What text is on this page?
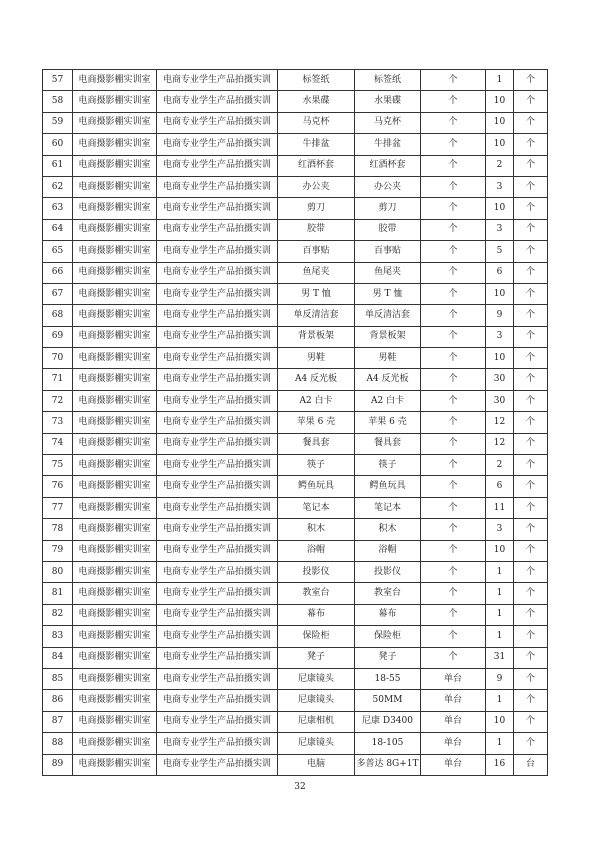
57	电商摄影棚实训室	电商专业学生产品拍摄实训	标签纸	标签纸	个	1	个
58	电商摄影棚实训室	电商专业学生产品拍摄实训	水果碟	水果碟	个	10	个
59	电商摄影棚实训室	电商专业学生产品拍摄实训	马克杯	马克杯	个	10	个
60	电商摄影棚实训室	电商专业学生产品拍摄实训	牛排盆	牛排盆	个	10	个
61	电商摄影棚实训室	电商专业学生产品拍摄实训	红酒杯套	红酒杯套	个	2	个
62	电商摄影棚实训室	电商专业学生产品拍摄实训	办公夹	办公夹	个	3	个
63	电商摄影棚实训室	电商专业学生产品拍摄实训	剪刀	剪刀	个	10	个
64	电商摄影棚实训室	电商专业学生产品拍摄实训	胶带	胶带	个	3	个
65	电商摄影棚实训室	电商专业学生产品拍摄实训	百事贴	百事贴	个	5	个
66	电商摄影棚实训室	电商专业学生产品拍摄实训	鱼尾夹	鱼尾夹	个	6	个
67	电商摄影棚实训室	电商专业学生产品拍摄实训	男 T 恤	男 T 恤	个	10	个
68	电商摄影棚实训室	电商专业学生产品拍摄实训	单反清洁套	单反清洁套	个	9	个
69	电商摄影棚实训室	电商专业学生产品拍摄实训	背景板架	背景板架	个	3	个
70	电商摄影棚实训室	电商专业学生产品拍摄实训	男鞋	男鞋	个	10	个
71	电商摄影棚实训室	电商专业学生产品拍摄实训	A4 反光板	A4 反光板	个	30	个
72	电商摄影棚实训室	电商专业学生产品拍摄实训	A2 白卡	A2 白卡	个	30	个
73	电商摄影棚实训室	电商专业学生产品拍摄实训	苹果 6 壳	苹果 6 壳	个	12	个
74	电商摄影棚实训室	电商专业学生产品拍摄实训	餐具套	餐具套	个	12	个
75	电商摄影棚实训室	电商专业学生产品拍摄实训	筷子	筷子	个	2	个
76	电商摄影棚实训室	电商专业学生产品拍摄实训	鳄鱼玩具	鳄鱼玩具	个	6	个
77	电商摄影棚实训室	电商专业学生产品拍摄实训	笔记本	笔记本	个	11	个
78	电商摄影棚实训室	电商专业学生产品拍摄实训	积木	积木	个	3	个
79	电商摄影棚实训室	电商专业学生产品拍摄实训	浴帽	浴帽	个	10	个
80	电商摄影棚实训室	电商专业学生产品拍摄实训	投影仪	投影仪	个	1	个
81	电商摄影棚实训室	电商专业学生产品拍摄实训	教室台	教室台	个	1	个
82	电商摄影棚实训室	电商专业学生产品拍摄实训	幕布	幕布	个	1	个
83	电商摄影棚实训室	电商专业学生产品拍摄实训	保险柜	保险柜	个	1	个
84	电商摄影棚实训室	电商专业学生产品拍摄实训	凳子	凳子	个	31	个
85	电商摄影棚实训室	电商专业学生产品拍摄实训	尼康镜头	18-55	单台	9	个
86	电商摄影棚实训室	电商专业学生产品拍摄实训	尼康镜头	50MM	单台	1	个
87	电商摄影棚实训室	电商专业学生产品拍摄实训	尼康相机	尼康 D3400	单台	10	个
88	电商摄影棚实训室	电商专业学生产品拍摄实训	尼康镜头	18-105	单台	1	个
89	电商摄影棚实训室	电商专业学生产品拍摄实训	电脑	多普达 8G+1T	单台	16	台
32
